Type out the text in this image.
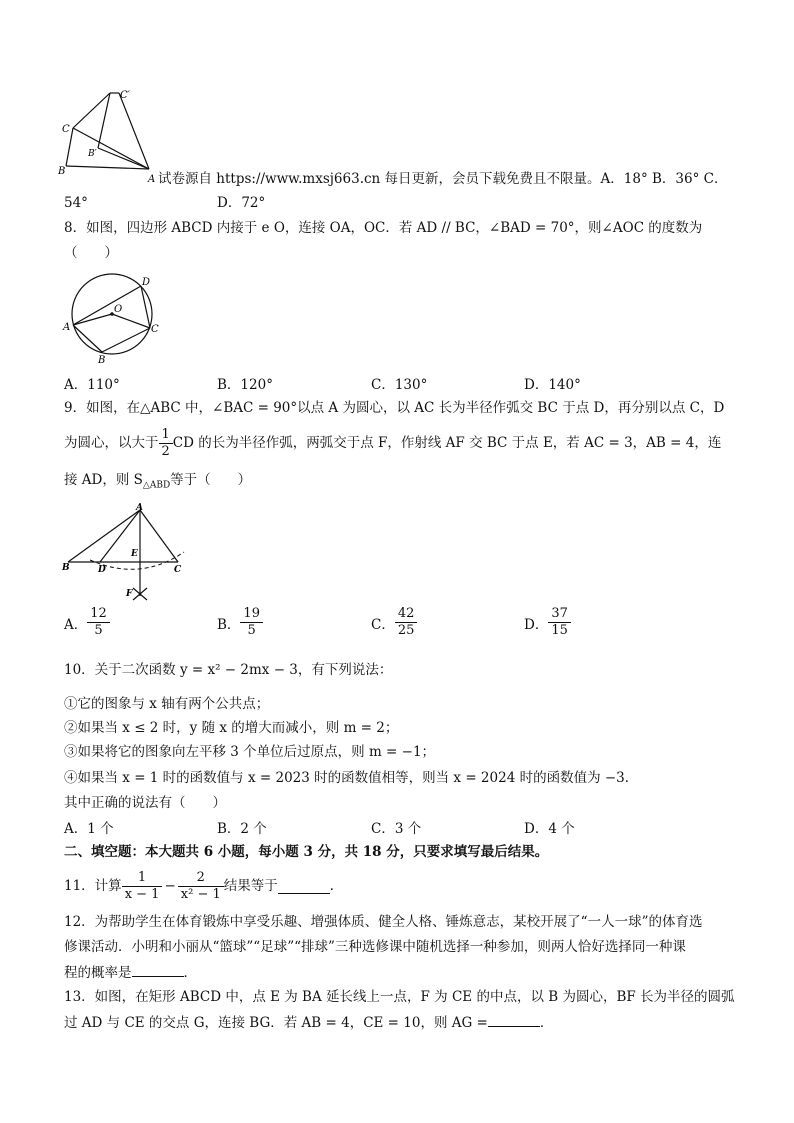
C′
C
B′
B
A 试卷源自 https://www.mxsj663.cn 每日更新，会员下载免费且不限量。A．18° B．36° C．
54°	D．72°
8．如图，四边形 ABCD 内接于 e O，连接 OA，OC．若 AD // BC，∠BAD = 70°，则∠AOC 的度数为
（　　）
D
O
A	C
B
A．110°	B．120°	C．130°	D．140°
9．如图，在△ABC 中，∠BAC = 90°以点 A 为圆心，以 AC 长为半径作弧交 BC 于点 D，再分别以点 C，D
为圆心，以大于 $\frac{1}{2}$ CD 的长为半径作弧，两弧交于点 F，作射线 AF 交 BC 于点 E，若 AC = 3，AB = 4，连
接 AD，则 $S_{\triangle ABD}$等于（　　）
A
E
B	D	C
F
A． $\frac{12}{5}$	B． $\frac{19}{5}$	C． $\frac{42}{25}$	D． $\frac{37}{15}$
10．关于二次函数 y = x² − 2mx − 3，有下列说法：
①它的图象与 x 轴有两个公共点；
②如果当 x ≤ 2 时，y 随 x 的增大而减小，则 m = 2；
③如果将它的图象向左平移 3 个单位后过原点，则 m = −1；
④如果当 x = 1 时的函数值与 x = 2023 时的函数值相等，则当 x = 2024 时的函数值为 −3．
其中正确的说法有（　　）
A．1 个	B．2 个	C．3 个	D．4 个
二、填空题：本大题共 6 小题，每小题 3 分，共 18 分，只要求填写最后结果。
11．计算 $\frac{1}{x - 1} - \frac{2}{\text{x² − 1}}$ 结果等于	．
12．为帮助学生在体育锻炼中享受乐趣、增强体质、健全人格、锤炼意志，某校开展了“一人一球”的体育选
修课活动．小明和小丽从“篮球”“足球”“排球”三种选修课中随机选择一种参加，则两人恰好选择同一种课
程的概率是	．
13．如图，在矩形 ABCD 中，点 E 为 BA 延长线上一点，F 为 CE 的中点，以 B 为圆心，BF 长为半径的圆弧
过 AD 与 CE 的交点 G，连接 BG．若 AB = 4，CE = 10，则 AG =	．
